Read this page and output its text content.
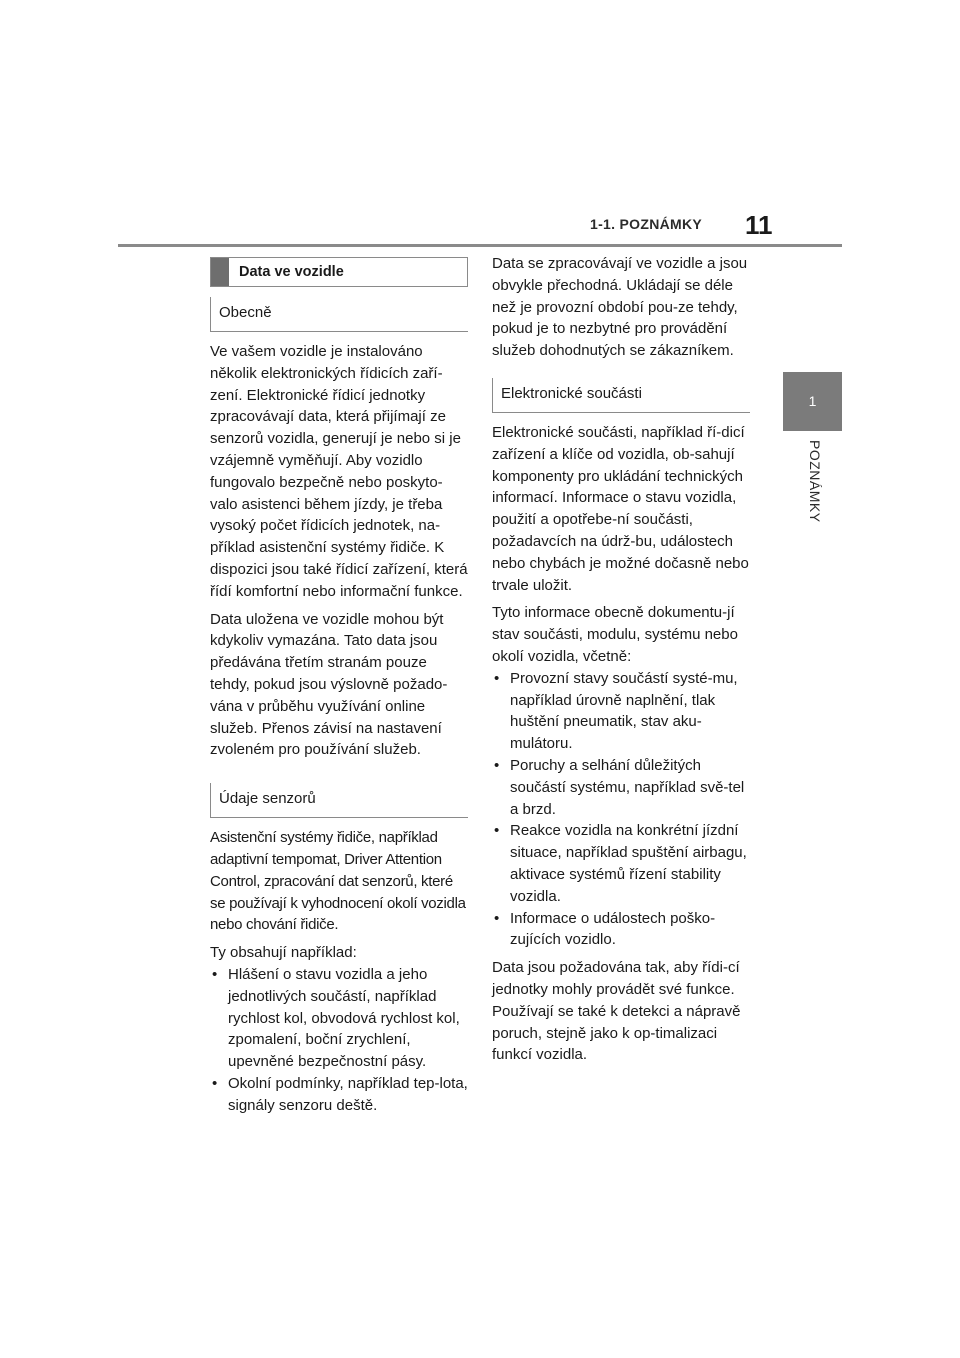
1-1. POZNÁMKY 11
1
POZNÁMKY
Data ve vozidle
Obecně

Ve vašem vozidle je instalováno několik elektronických řídicích zaří-zení. Elektronické řídicí jednotky zpracovávají data, která přijímají ze senzorů vozidla, generují je nebo si je vzájemně vyměňují. Aby vozidlo fungovalo bezpečně nebo poskyto-valo asistenci během jízdy, je třeba vysoký počet řídicích jednotek, na-příklad asistenční systémy řidiče. K dispozici jsou také řídicí zařízení, která řídí komfortní nebo informační funkce.

Data uložena ve vozidle mohou být kdykoliv vymazána. Tato data jsou předávána třetím stranám pouze tehdy, pokud jsou výslovně požado-vána v průběhu využívání online služeb. Přenos závisí na nastavení zvoleném pro používání služeb.

Údaje senzorů

Asistenční systémy řidiče, například adaptivní tempomat, Driver Attention Control, zpracování dat senzorů, které se používají k vyhodnocení okolí vozidla nebo chování řidiče.

Ty obsahují například:

• Hlášení o stavu vozidla a jeho jednotlivých součástí, například rychlost kol, obvodová rychlost kol, zpomalení, boční zrychlení, upevněné bezpečnostní pásy.
• Okolní podmínky, například tep-lota, signály senzoru deště.

Data se zpracovávají ve vozidle a jsou obvykle přechodná. Ukládají se déle než je provozní období pou-ze tehdy, pokud je to nezbytné pro provádění služeb dohodnutých se zákazníkem.

Elektronické součásti

Elektronické součásti, například ří-dicí zařízení a klíče od vozidla, ob-sahují komponenty pro ukládání technických informací. Informace o stavu vozidla, použití a opotřebe-ní součásti, požadavcích na údrž-bu, událostech nebo chybách je možné dočasně nebo trvale uložit.

Tyto informace obecně dokumentu-jí stav součásti, modulu, systému nebo okolí vozidla, včetně:

• Provozní stavy součástí systé-mu, například úrovně naplnění, tlak huštění pneumatik, stav aku-mulátoru.
• Poruchy a selhání důležitých součástí systému, například svě-tel a brzd.
• Reakce vozidla na konkrétní jízdní situace, například spuštění airbagu, aktivace systémů řízení stability vozidla.
• Informace o událostech poško-zujících vozidlo.

Data jsou požadována tak, aby řídi-cí jednotky mohly provádět své funkce. Používají se také k detekci a nápravě poruch, stejně jako k op-timalizaci funkcí vozidla.
